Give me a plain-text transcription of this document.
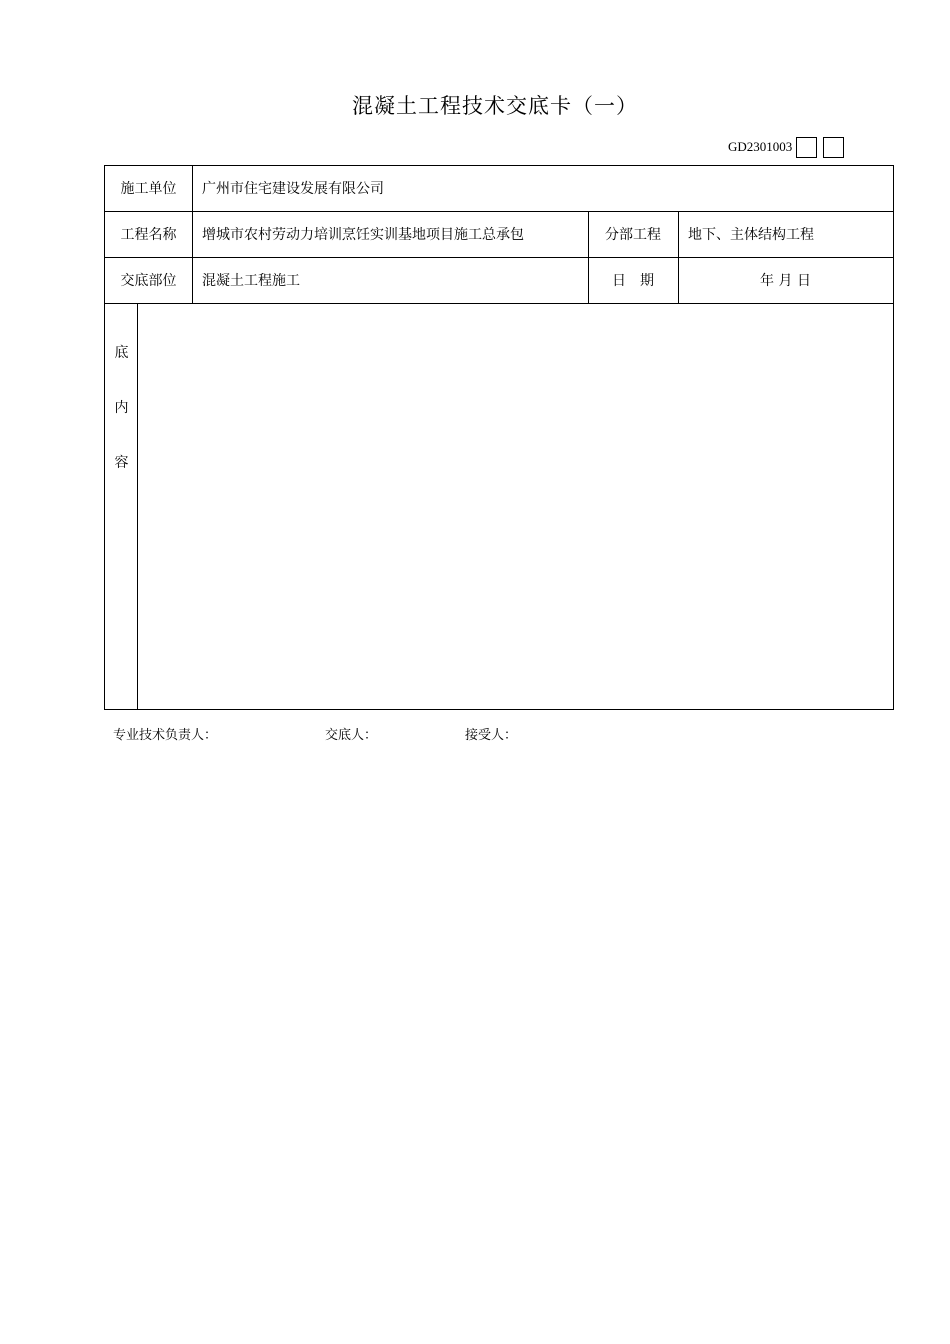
混凝土工程技术交底卡（一）
GD2301003
施工单位	广州市住宅建设发展有限公司
工程名称	增城市农村劳动力培训烹饪实训基地项目施工总承包	分部工程	地下、主体结构工程
交底部位	混凝土工程施工	日　期	年 月 日
底
内
容
专业技术负责人：	交底人：	接受人：
